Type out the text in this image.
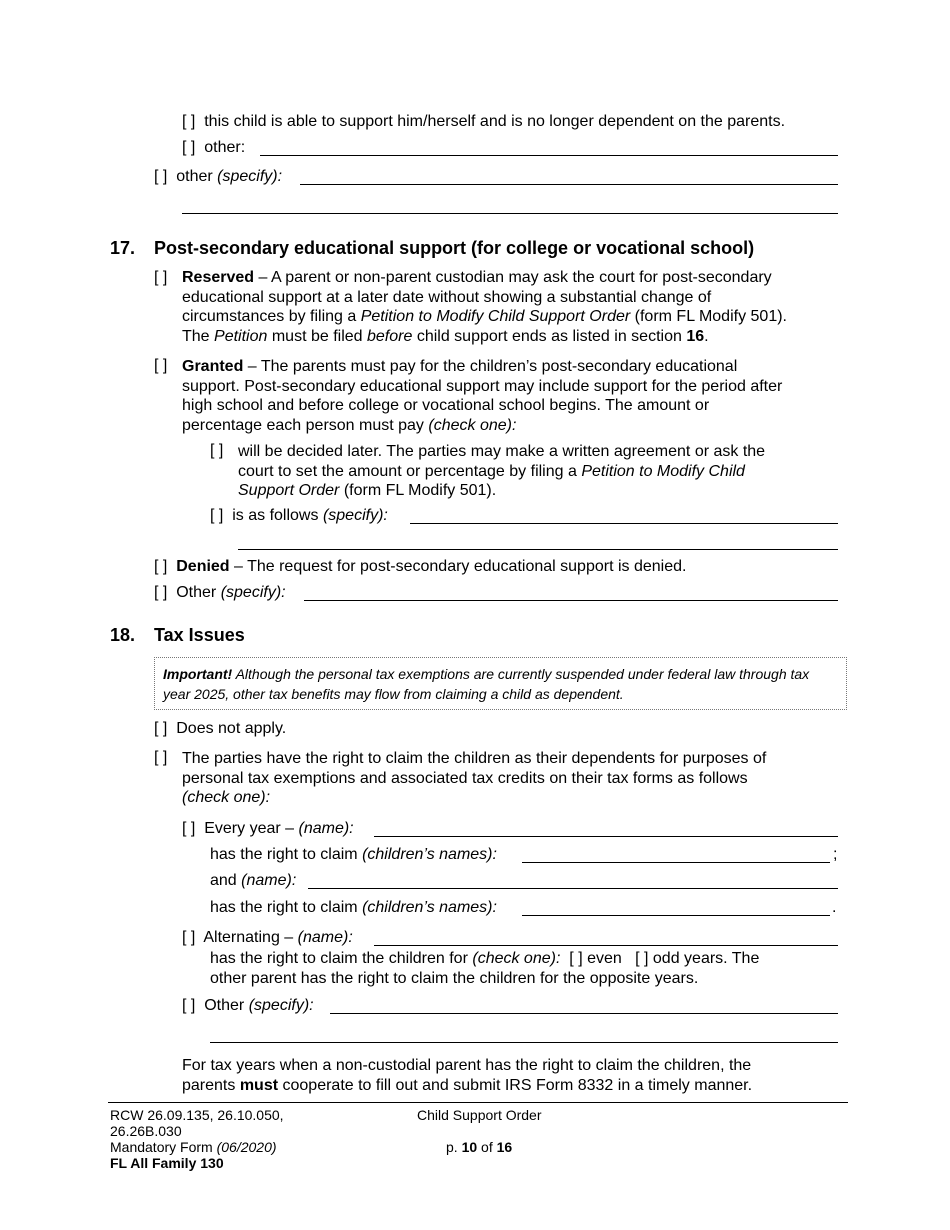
[ ] this child is able to support him/herself and is no longer dependent on the parents.
[ ] other:
[ ] other (specify):
17. Post-secondary educational support (for college or vocational school)
[ ] Reserved – A parent or non-parent custodian may ask the court for post-secondary
educational support at a later date without showing a substantial change of
circumstances by filing a Petition to Modify Child Support Order (form FL Modify 501).
The Petition must be filed before child support ends as listed in section 16.
[ ] Granted – The parents must pay for the children’s post-secondary educational
support. Post-secondary educational support may include support for the period after
high school and before college or vocational school begins. The amount or
percentage each person must pay (check one):
[ ] will be decided later. The parties may make a written agreement or ask the
court to set the amount or percentage by filing a Petition to Modify Child
Support Order (form FL Modify 501).
[ ] is as follows (specify):
[ ] Denied – The request for post-secondary educational support is denied.
[ ] Other (specify):
18. Tax Issues
Important! Although the personal tax exemptions are currently suspended under federal law through tax
year 2025, other tax benefits may flow from claiming a child as dependent.
[ ] Does not apply.
[ ] The parties have the right to claim the children as their dependents for purposes of
personal tax exemptions and associated tax credits on their tax forms as follows
(check one):
[ ] Every year – (name):
has the right to claim (children’s names):	;
and (name):
has the right to claim (children’s names):	.
[ ] Alternating – (name):
has the right to claim the children for (check one): [ ] even [ ] odd years. The
other parent has the right to claim the children for the opposite years.
[ ] Other (specify):
For tax years when a non-custodial parent has the right to claim the children, the
parents must cooperate to fill out and submit IRS Form 8332 in a timely manner.
RCW 26.09.135, 26.10.050,
26.26B.030
Mandatory Form (06/2020)
FL All Family 130
Child Support Order
p. 10 of 16
